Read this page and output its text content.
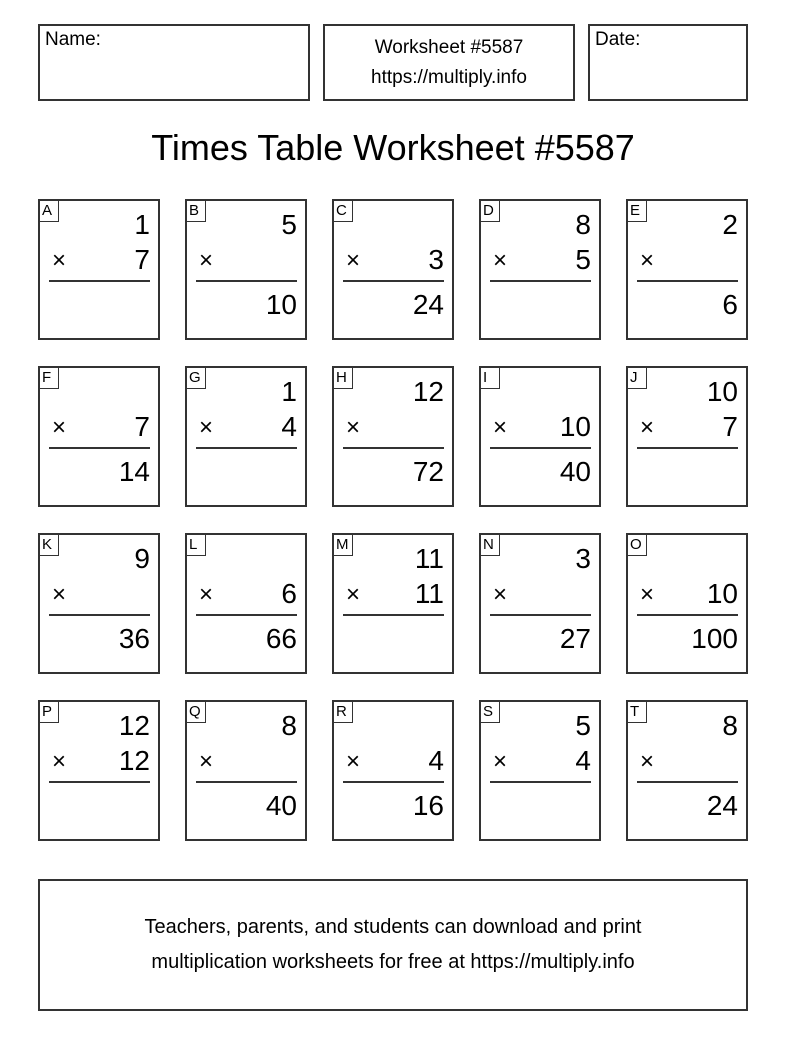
Name:	Worksheet #5587
https://multiply.info
Date:
Times Table Worksheet #5587
A	1
× 7
B	5
×
10
C
× 3
24
D	8
× 5
E	2
×
6
F
× 7
14
G	1
× 4
H 12
×
72
I
× 10
40
J	10
× 7
K	9
×
36
L
× 6
66
M 11
× 11
N	3
×
27
O
× 10
100
P 12
× 12
Q	8
×
40
R
× 4
16
S	5
× 4
T	8
×
24
Teachers, parents, and students can download and print
multiplication worksheets for free at https://multiply.info
